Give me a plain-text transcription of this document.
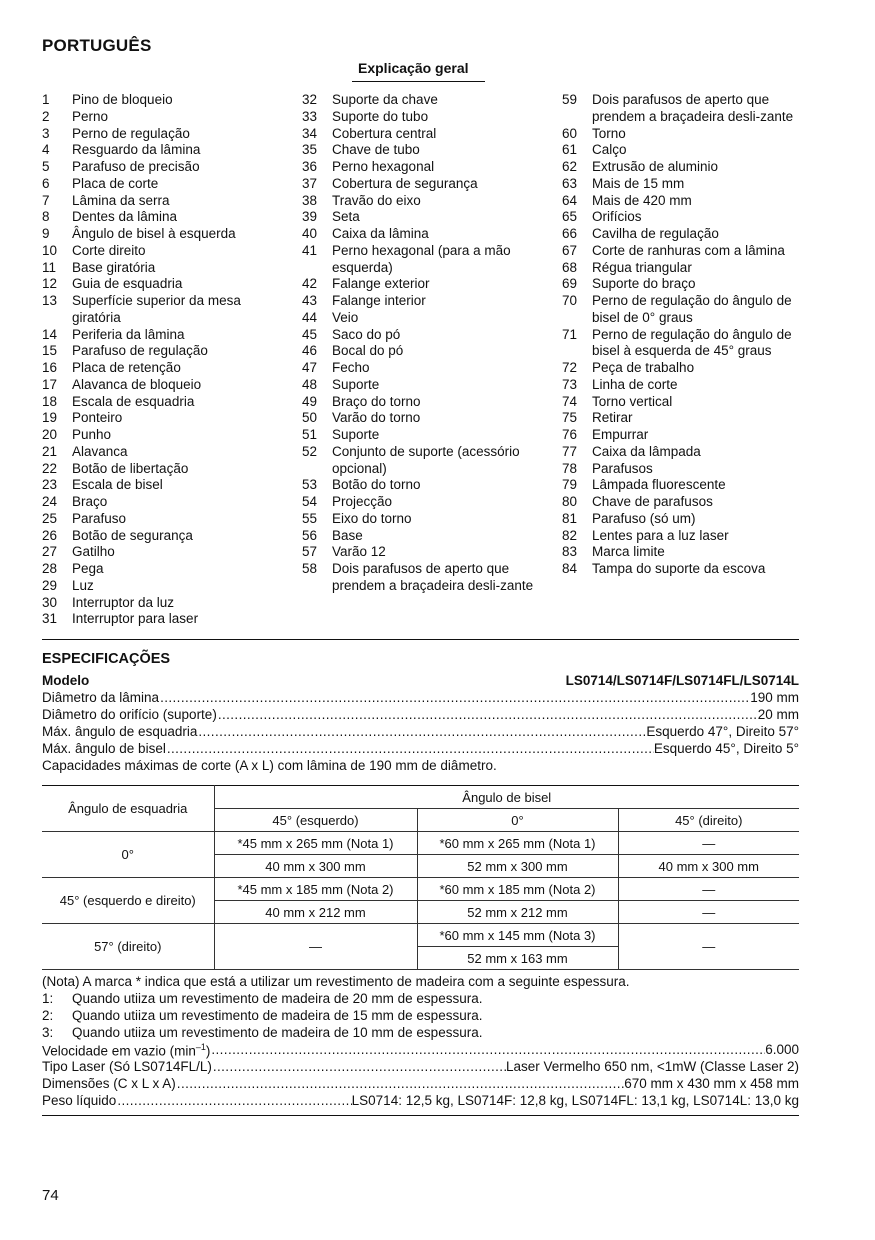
PORTUGUÊS
Explicação geral
1	Pino de bloqueio
2	Perno
3	Perno de regulação
4	Resguardo da lâmina
5	Parafuso de precisão
6	Placa de corte
7	Lâmina da serra
8	Dentes da lâmina
9	Ângulo de bisel à esquerda
10	Corte direito
11	Base giratória
12	Guia de esquadria
13	Superfície superior da mesa giratória
14	Periferia da lâmina
15	Parafuso de regulação
16	Placa de retenção
17	Alavanca de bloqueio
18	Escala de esquadria
19	Ponteiro
20	Punho
21	Alavanca
22	Botão de libertação
23	Escala de bisel
24	Braço
25	Parafuso
26	Botão de segurança
27	Gatilho
28	Pega
29	Luz
30	Interruptor da luz
31	Interruptor para laser
32	Suporte da chave
33	Suporte do tubo
34	Cobertura central
35	Chave de tubo
36	Perno hexagonal
37	Cobertura de segurança
38	Travão do eixo
39	Seta
40	Caixa da lâmina
41	Perno hexagonal (para a mão esquerda)
42	Falange exterior
43	Falange interior
44	Veio
45	Saco do pó
46	Bocal do pó
47	Fecho
48	Suporte
49	Braço do torno
50	Varão do torno
51	Suporte
52	Conjunto de suporte (acessório opcional)
53	Botão do torno
54	Projecção
55	Eixo do torno
56	Base
57	Varão 12
58	Dois parafusos de aperto que prendem a braçadeira desli-zante
59	Dois parafusos de aperto que prendem a braçadeira desli-zante
60	Torno
61	Calço
62	Extrusão de aluminio
63	Mais de 15 mm
64	Mais de 420 mm
65	Orifícios
66	Cavilha de regulação
67	Corte de ranhuras com a lâmina
68	Régua triangular
69	Suporte do braço
70	Perno de regulação do ângulo de bisel de 0° graus
71	Perno de regulação do ângulo de bisel à esquerda de 45° graus
72	Peça de trabalho
73	Linha de corte
74	Torno vertical
75	Retirar
76	Empurrar
77	Caixa da lâmpada
78	Parafusos
79	Lâmpada fluorescente
80	Chave de parafusos
81	Parafuso (só um)
82	Lentes para a luz laser
83	Marca limite
84	Tampa do suporte da escova
ESPECIFICAÇÕES
Modelo	LS0714/LS0714F/LS0714FL/LS0714L
Diâmetro da lâmina .....	190 mm
Diâmetro do orifício (suporte) .....	20 mm
Máx. ângulo de esquadria .....	Esquerdo 47°, Direito 57°
Máx. ângulo de bisel .....	Esquerdo 45°, Direito 5°
Capacidades máximas de corte (A x L) com lâmina de 190 mm de diâmetro.
Ângulo de esquadria	Ângulo de bisel		
	45° (esquerdo)	0°	45° (direito)
0°	*45 mm x 265 mm (Nota 1)	*60 mm x 265 mm (Nota 1)	—
	40 mm x 300 mm	52 mm x 300 mm	40 mm x 300 mm
45° (esquerdo e direito)	*45 mm x 185 mm (Nota 2)	*60 mm x 185 mm (Nota 2)	—
	40 mm x 212 mm	52 mm x 212 mm	—
57° (direito)	—	*60 mm x 145 mm (Nota 3)	—
		52 mm x 163 mm	
(Nota) A marca * indica que está a utilizar um revestimento de madeira com a seguinte espessura.
1:	Quando utiiza um revestimento de madeira de 20 mm de espessura.
2:	Quando utiiza um revestimento de madeira de 15 mm de espessura.
3:	Quando utiiza um revestimento de madeira de 10 mm de espessura.
Velocidade em vazio $(\min^{-1})$ .....	6.000
Tipo Laser (Só LS0714FL/L) .....	Laser Vermelho 650 nm, <1mW (Classe Laser 2)
Dimensões (C x L x A) .....	670 mm x 430 mm x 458 mm
Peso líquido .....	LS0714: 12,5 kg, LS0714F: 12,8 kg, LS0714FL: 13,1 kg, LS0714L: 13,0 kg
74
